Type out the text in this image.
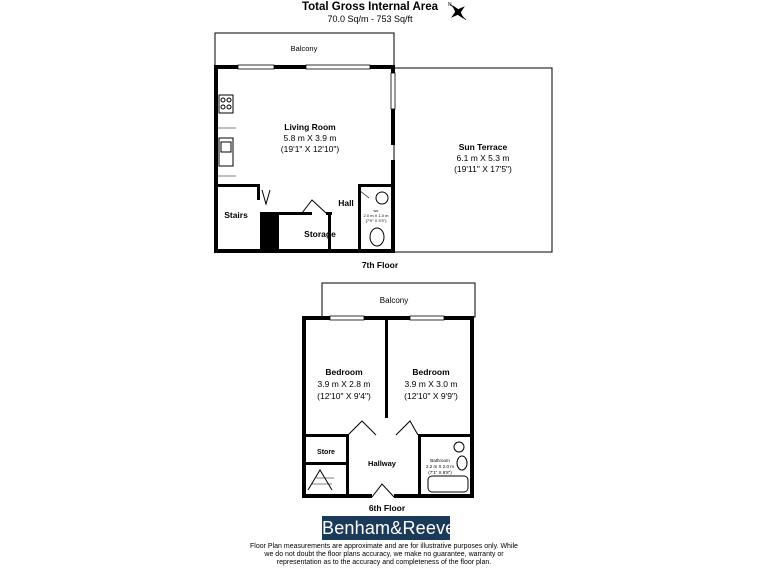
Total Gross Internal Area
70.0 Sq/m - 753 Sq/ft
N
Balcony
Sun Terrace
6.1 m X 5.3 m
(19'11" X 17'5")
Living Room
5.8 m X 3.9 m
(19'1" X 12'10")
Stairs
Hall
Storage
wc
2.0 m X 1.0 m
(7'9" X 3'3")
7th Floor
Balcony
Store
Bathroom
2.2 m X 2.0 m
(7'1" X 6'8")
Bedroom
3.9 m X 2.8 m
(12'10" X 9'4")
Bedroom
3.9 m X 3.0 m
(12'10" X 9'9")
Hallway
6th Floor
Benham&Reeves
Floor Plan measurements are approximate and are for illustrative purposes only. While we do not doubt the floor plans accuracy, we make no guarantee, warranty or representation as to the accuracy and completeness of the floor plan.
